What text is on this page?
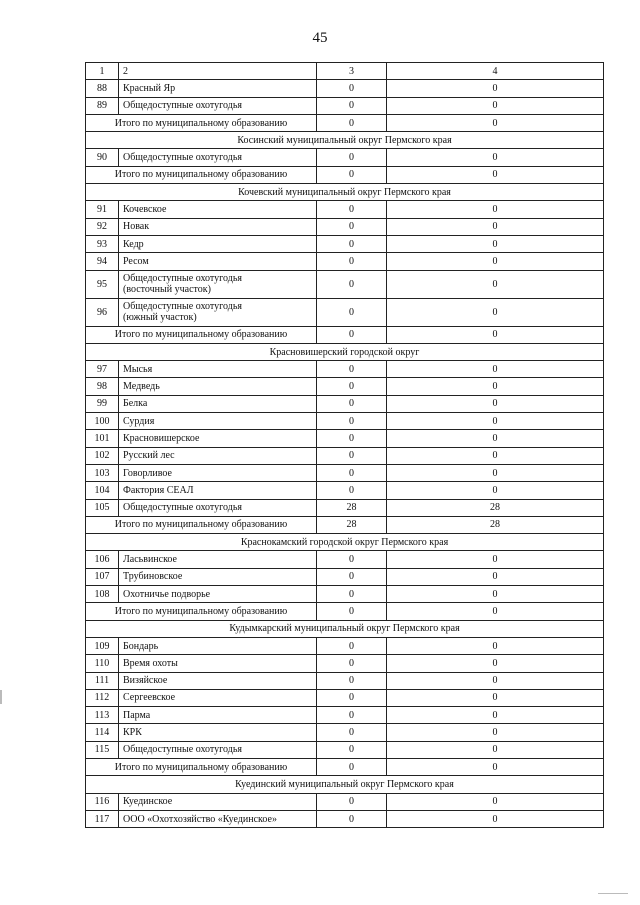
45
1	2	3	4
88	Красный Яр	0	0
89	Общедоступные охотугодья	0	0
Итого по муниципальному образованию		0	0
Косинский муниципальный округ Пермского края			
90	Общедоступные охотугодья	0	0
Итого по муниципальному образованию		0	0
Кочевский муниципальный округ Пермского края			
91	Кочевское	0	0
92	Новак	0	0
93	Кедр	0	0
94	Ресом	0	0
95	Общедоступные охотугодья
(восточный участок)	0	0
96	Общедоступные охотугодья
(южный участок)	0	0
Итого по муниципальному образованию		0	0
Красновишерский городской округ			
97	Мысья	0	0
98	Медведь	0	0
99	Белка	0	0
100	Сурдия	0	0
101	Красновишерское	0	0
102	Русский лес	0	0
103	Говорливое	0	0
104	Фактория СЕАЛ	0	0
105	Общедоступные охотугодья	28	28
Итого по муниципальному образованию		28	28
Краснокамский городской округ Пермского края			
106	Ласьвинское	0	0
107	Трубиновское	0	0
108	Охотничье подворье	0	0
Итого по муниципальному образованию		0	0
Кудымкарский муниципальный округ Пермского края			
109	Бондарь	0	0
110	Время охоты	0	0
111	Визяйское	0	0
112	Сергеевское	0	0
113	Парма	0	0
114	КРК	0	0
115	Общедоступные охотугодья	0	0
Итого по муниципальному образованию		0	0
Куединский муниципальный округ Пермского края			
116	Куединское	0	0
117	ООО «Охотхозяйство «Куединское»	0	0
